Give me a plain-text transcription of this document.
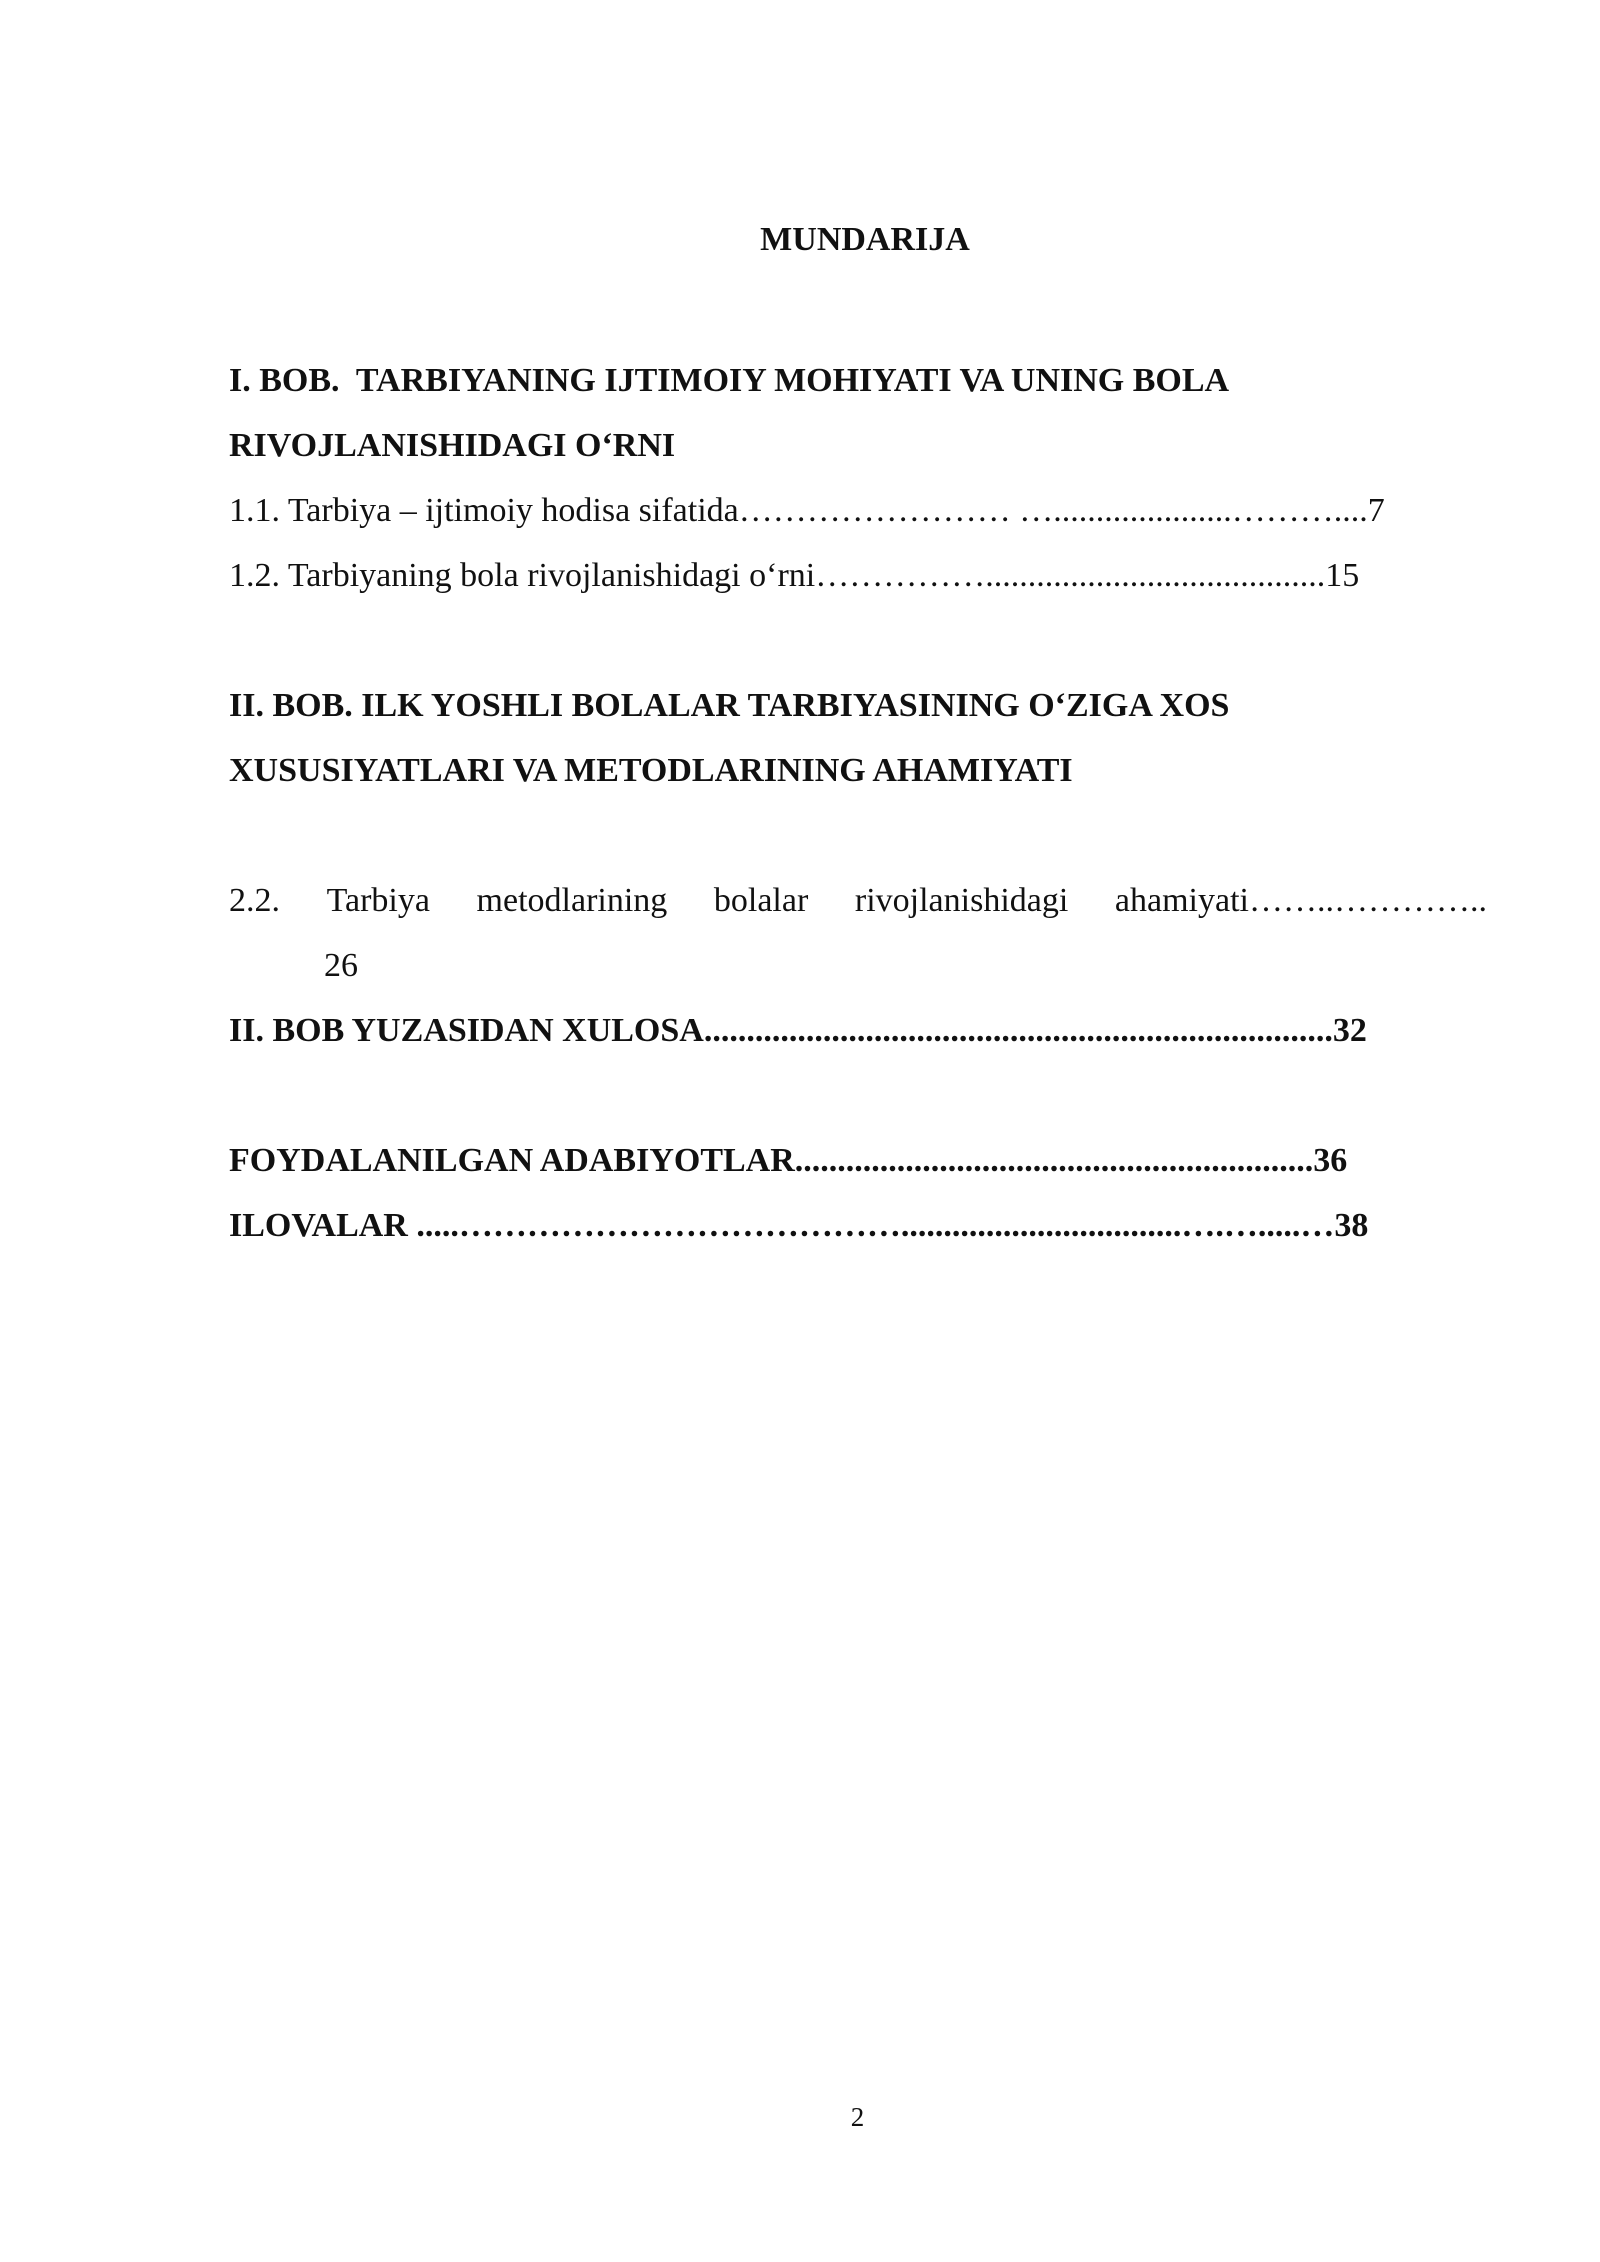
MUNDARIJA

I. BOB.  TARBIYANING IJTIMOIY MOHIYATI VA UNING BOLA
RIVOJLANISHIDAGI O‘RNI
1.1. Tarbiya – ijtimoiy hodisa sifatida…………………… ….....................………....7
1.2. Tarbiyaning bola rivojlanishidagi o‘rni……………........................................15

II. BOB. ILK YOSHLI BOLALAR TARBIYASINING O‘ZIGA XOS
XUSUSIYATLARI VA METODLARINING AHAMIYATI

2.2. Tarbiya metodlarining bolalar rivojlanishidagi ahamiyati……..…………..
26
II. BOB YUZASIDAN XULOSA..........................................................................32

FOYDALANILGAN ADABIYOTLAR.............................................................36
ILOVALAR .....………………………………….................................….….....…38
2
